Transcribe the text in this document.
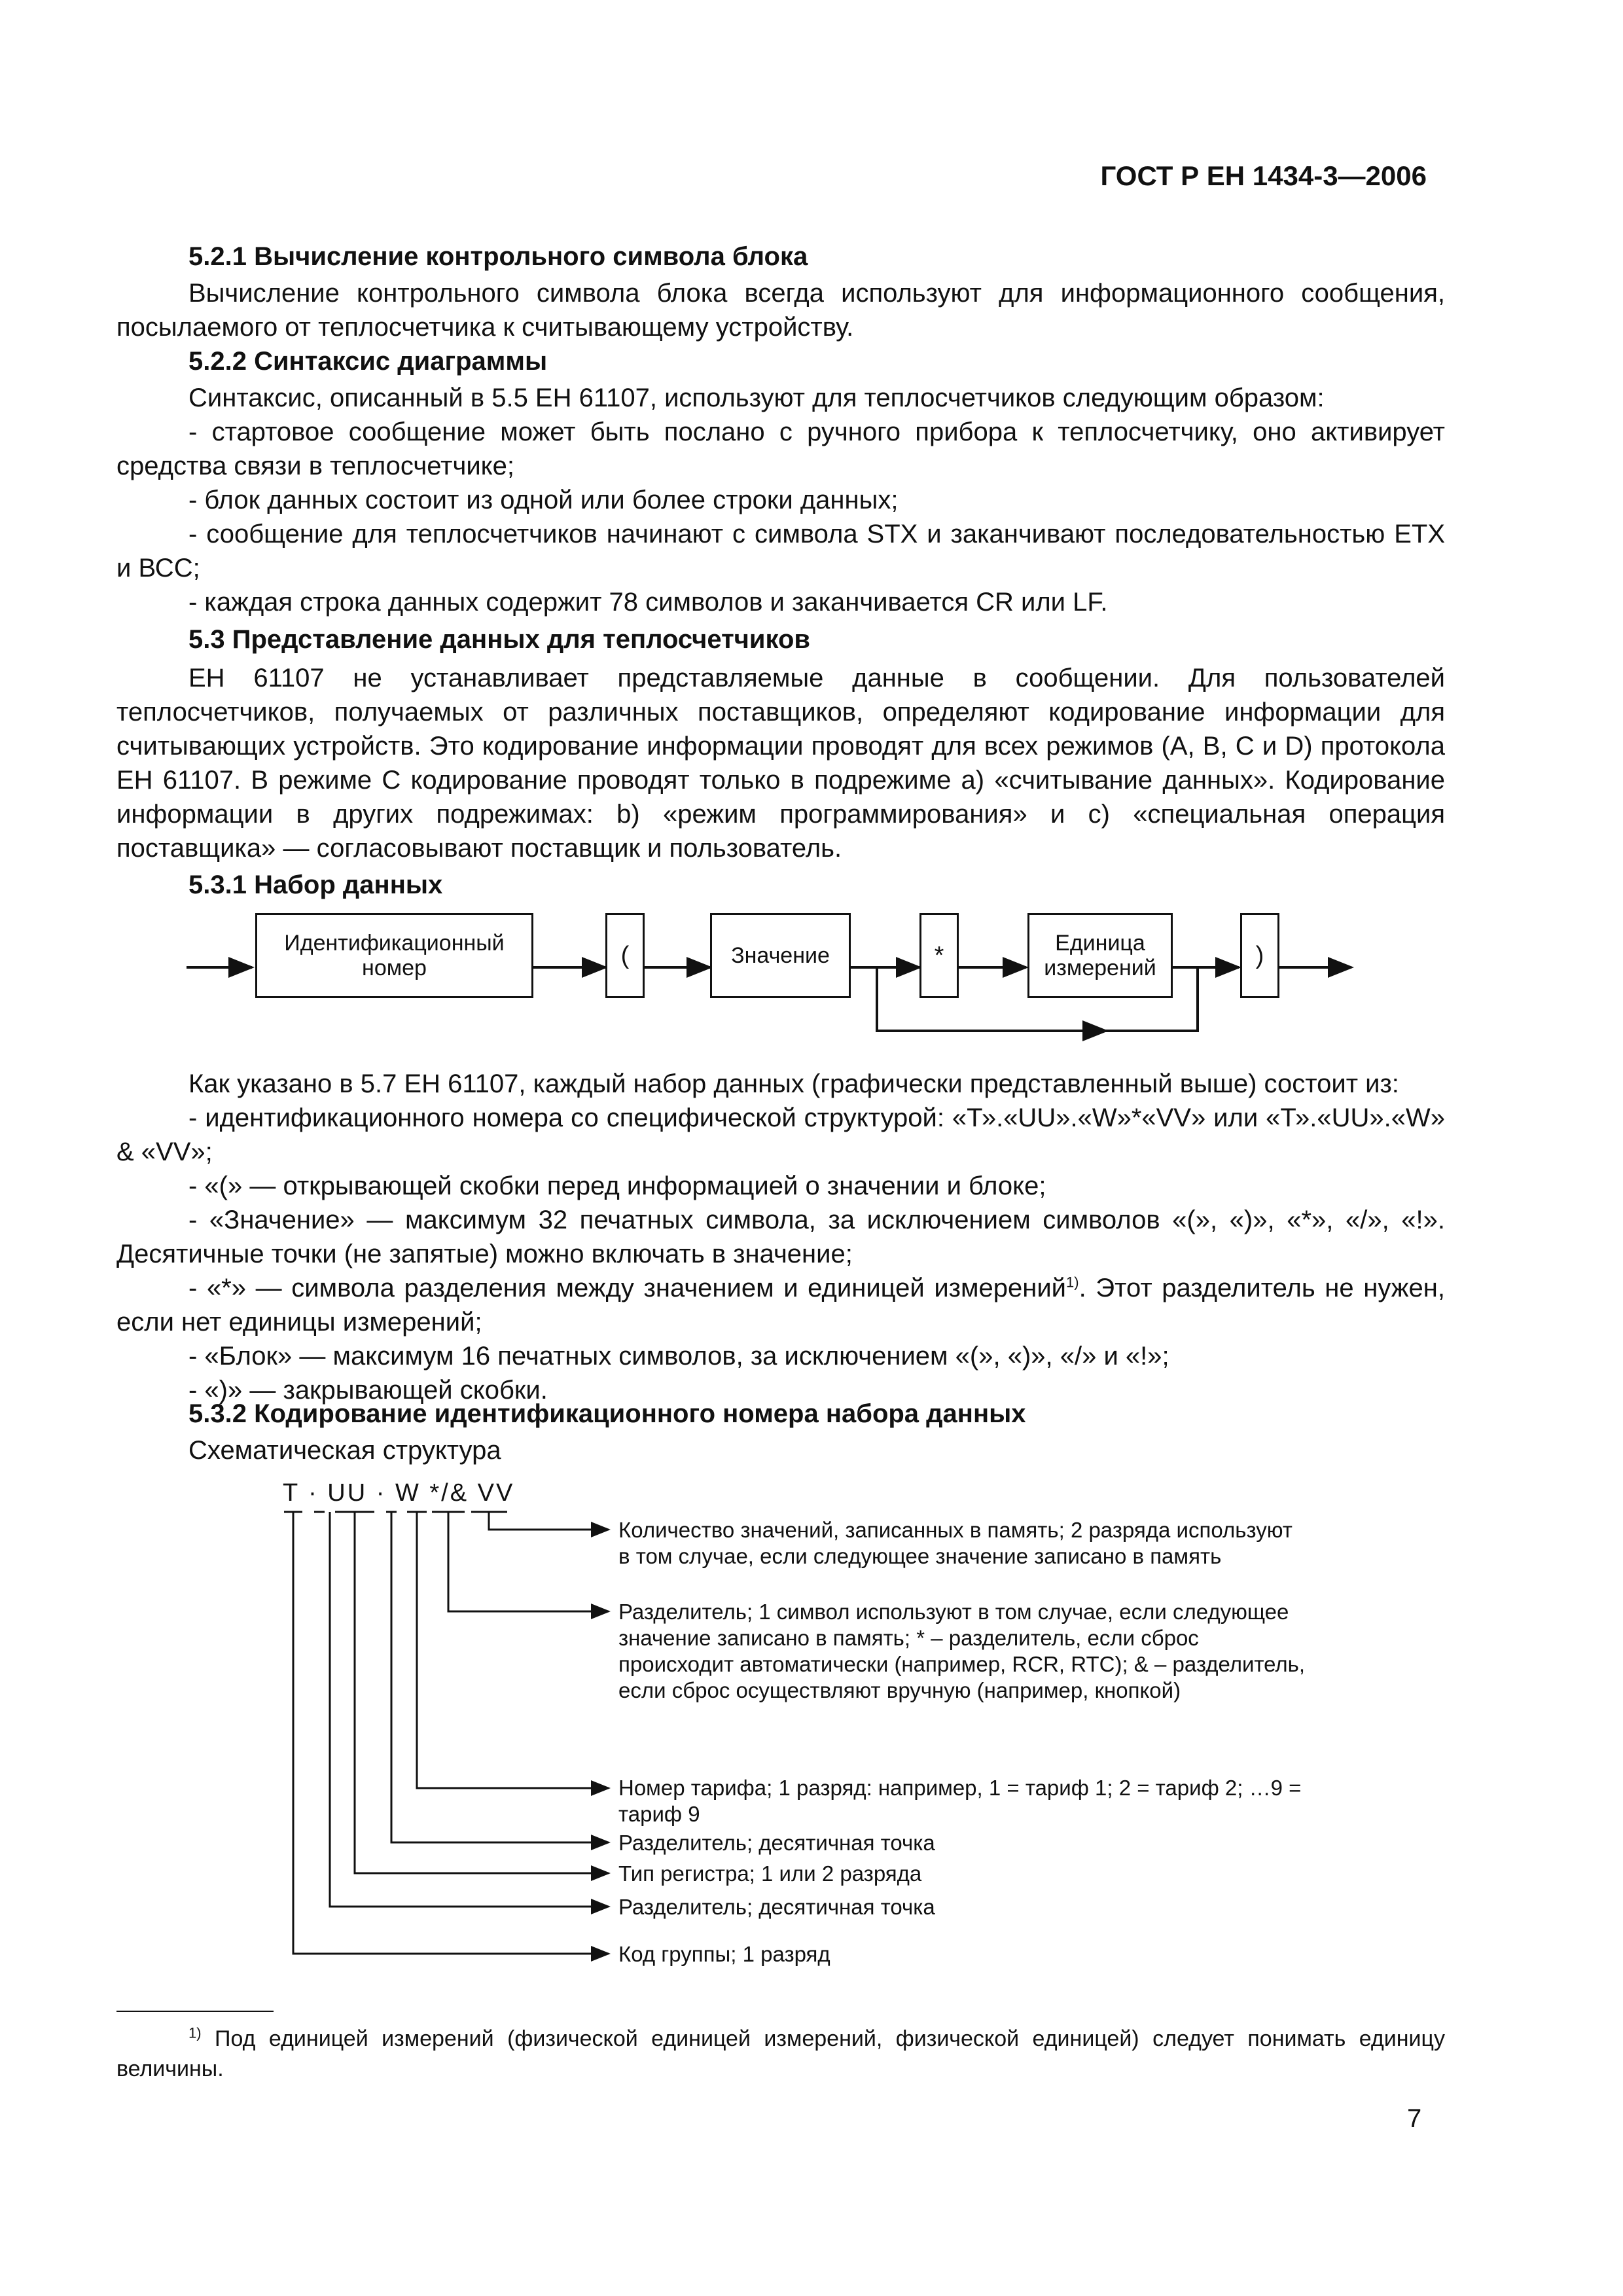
ГОСТ Р ЕН 1434-3—2006
5.2.1 Вычисление контрольного символа блока
Вычисление контрольного символа блока всегда используют для информационного сообщения, посылаемого от теплосчетчика к считывающему устройству.
5.2.2 Синтаксис диаграммы
Синтаксис, описанный в 5.5 ЕН 61107, используют для теплосчетчиков следующим образом:
- стартовое сообщение может быть послано с ручного прибора к теплосчетчику, оно активирует средства связи в теплосчетчике;
- блок данных состоит из одной или более строки данных;
- сообщение для теплосчетчиков начинают с символа STX и заканчивают последовательностью ЕТХ и ВСС;
- каждая строка данных содержит 78 символов и заканчивается CR или LF.
5.3 Представление данных для теплосчетчиков
ЕН 61107 не устанавливает представляемые данные в сообщении. Для пользователей теплосчетчиков, получаемых от различных поставщиков, определяют кодирование информации для считывающих устройств. Это кодирование информации проводят для всех режимов (A, B, C и D) протокола ЕН 61107. В режиме С кодирование проводят только в подрежиме а) «считывание данных». Кодирование информации в других подрежимах: b) «режим программирования» и с) «специальная операция поставщика» — согласовывают поставщик и пользователь.
5.3.1 Набор данных
Идентификационный номер	(	Значение	*	Единица измерений	)
Как указано в 5.7 ЕН 61107, каждый набор данных (графически представленный выше) состоит из:
- идентификационного номера со специфической структурой: «Т».«UU».«W»*«VV» или «Т».«UU».«W» & «VV»;
- «(» — открывающей скобки перед информацией о значении и блоке;
- «Значение» — максимум 32 печатных символа, за исключением символов «(», «)», «*», «/», «!». Десятичные точки (не запятые) можно включать в значение;
- «*» — символа разделения между значением и единицей измерений$^{1)}$. Этот разделитель не нужен, если нет единицы измерений;
- «Блок» — максимум 16 печатных символов, за исключением «(», «)», «/» и «!»;
- «)» — закрывающей скобки.
5.3.2 Кодирование идентификационного номера набора данных
Схематическая структура
T · UU · W */& VV
Количество значений, записанных в память; 2 разряда используют в том случае, если следующее значение записано в память
Разделитель; 1 символ используют в том случае, если следующее значение записано в память; * – разделитель, если сброс происходит автоматически (например, RCR, RTC); & – разделитель, если сброс осуществляют вручную (например, кнопкой)
Номер тарифа; 1 разряд: например, 1 = тариф 1; 2 = тариф 2; …9 = тариф 9
Разделитель; десятичная точка
Тип регистра; 1 или 2 разряда
Разделитель; десятичная точка
Код группы; 1 разряд
$^{1)}$ Под единицей измерений (физической единицей измерений, физической единицей) следует понимать единицу величины.
7
